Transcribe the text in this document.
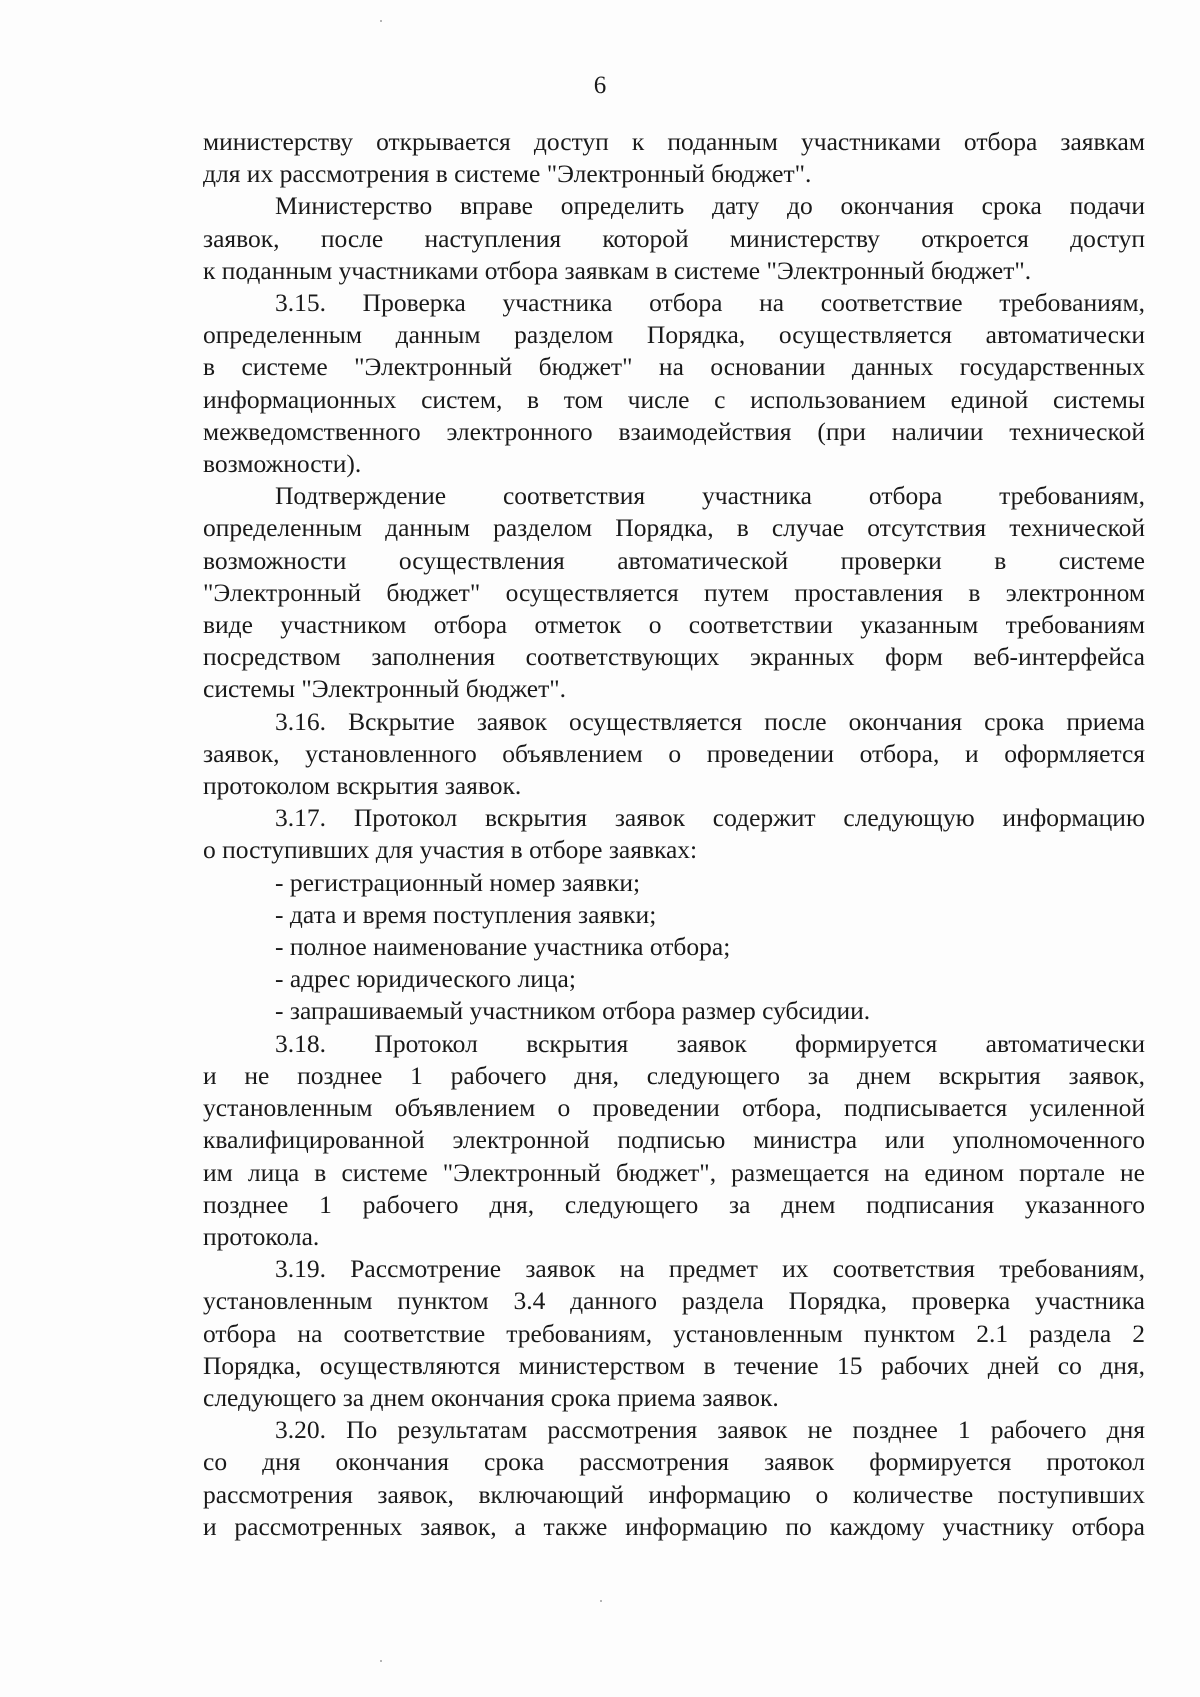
6

министерству открывается доступ к поданным участниками отбора заявкам

для их рассмотрения в системе "Электронный бюджет".

Министерство вправе определить дату до окончания срока подачи

заявок, после наступления которой министерству откроется доступ

к поданным участниками отбора заявкам в системе "Электронный бюджет".

3.15. Проверка участника отбора на соответствие требованиям,

определенным данным разделом Порядка, осуществляется автоматически

в системе "Электронный бюджет" на основании данных государственных

информационных систем, в том числе с использованием единой системы

межведомственного электронного взаимодействия (при наличии технической

возможности).

Подтверждение соответствия участника отбора требованиям,

определенным данным разделом Порядка, в случае отсутствия технической

возможности осуществления автоматической проверки в системе

"Электронный бюджет" осуществляется путем проставления в электронном

виде участником отбора отметок о соответствии указанным требованиям

посредством заполнения соответствующих экранных форм веб-интерфейса

системы "Электронный бюджет".

3.16. Вскрытие заявок осуществляется после окончания срока приема

заявок, установленного объявлением о проведении отбора, и оформляется

протоколом вскрытия заявок.

3.17. Протокол вскрытия заявок содержит следующую информацию

о поступивших для участия в отборе заявках:

- регистрационный номер заявки;

- дата и время поступления заявки;

- полное наименование участника отбора;

- адрес юридического лица;

- запрашиваемый участником отбора размер субсидии.

3.18. Протокол вскрытия заявок формируется автоматически

и не позднее 1 рабочего дня, следующего за днем вскрытия заявок,

установленным объявлением о проведении отбора, подписывается усиленной

квалифицированной электронной подписью министра или уполномоченного

им лица в системе "Электронный бюджет", размещается на едином портале не

позднее 1 рабочего дня, следующего за днем подписания указанного

протокола.

3.19. Рассмотрение заявок на предмет их соответствия требованиям,

установленным пунктом 3.4 данного раздела Порядка, проверка участника

отбора на соответствие требованиям, установленным пунктом 2.1 раздела 2

Порядка, осуществляются министерством в течение 15 рабочих дней со дня,

следующего за днем окончания срока приема заявок.

3.20. По результатам рассмотрения заявок не позднее 1 рабочего дня

со дня окончания срока рассмотрения заявок формируется протокол

рассмотрения заявок, включающий информацию о количестве поступивших

и рассмотренных заявок, а также информацию по каждому участнику отбора
